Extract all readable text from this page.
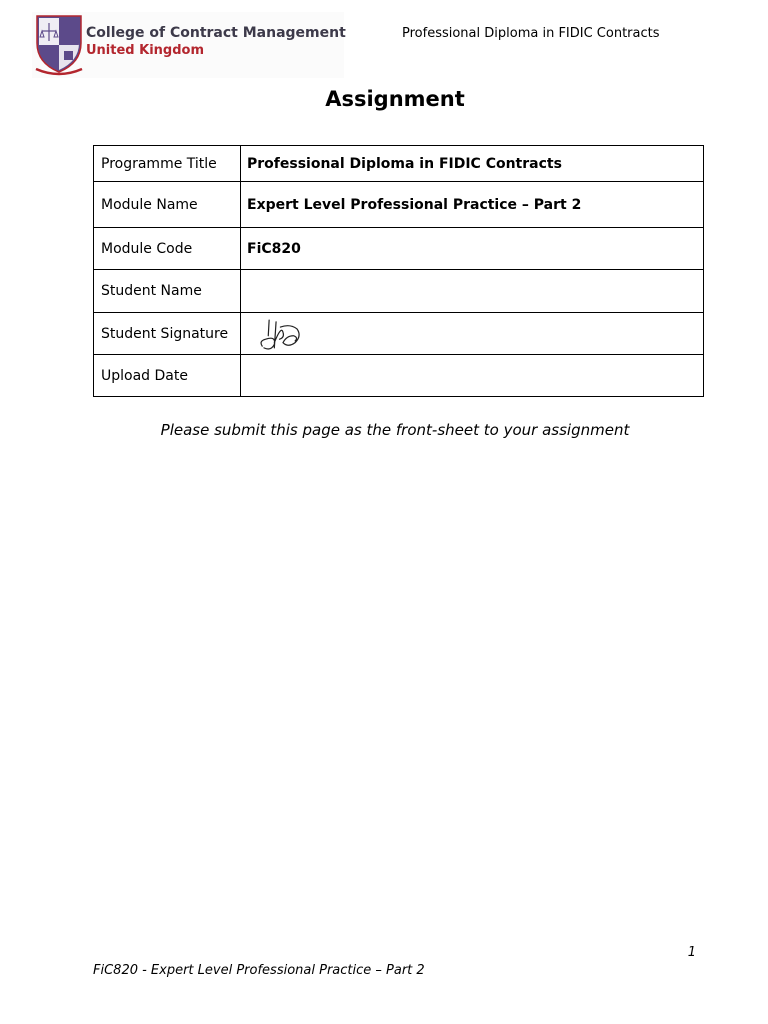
College of Contract Management
United Kingdom
Professional Diploma in FIDIC Contracts
Assignment
Programme Title	Professional Diploma in FIDIC Contracts
Module Name	Expert Level Professional Practice – Part 2
Module Code	FiC820
Student Name	
Student Signature	

Upload Date	
Please submit this page as the front-sheet to your assignment
1
FiC820 - Expert Level Professional Practice – Part 2
